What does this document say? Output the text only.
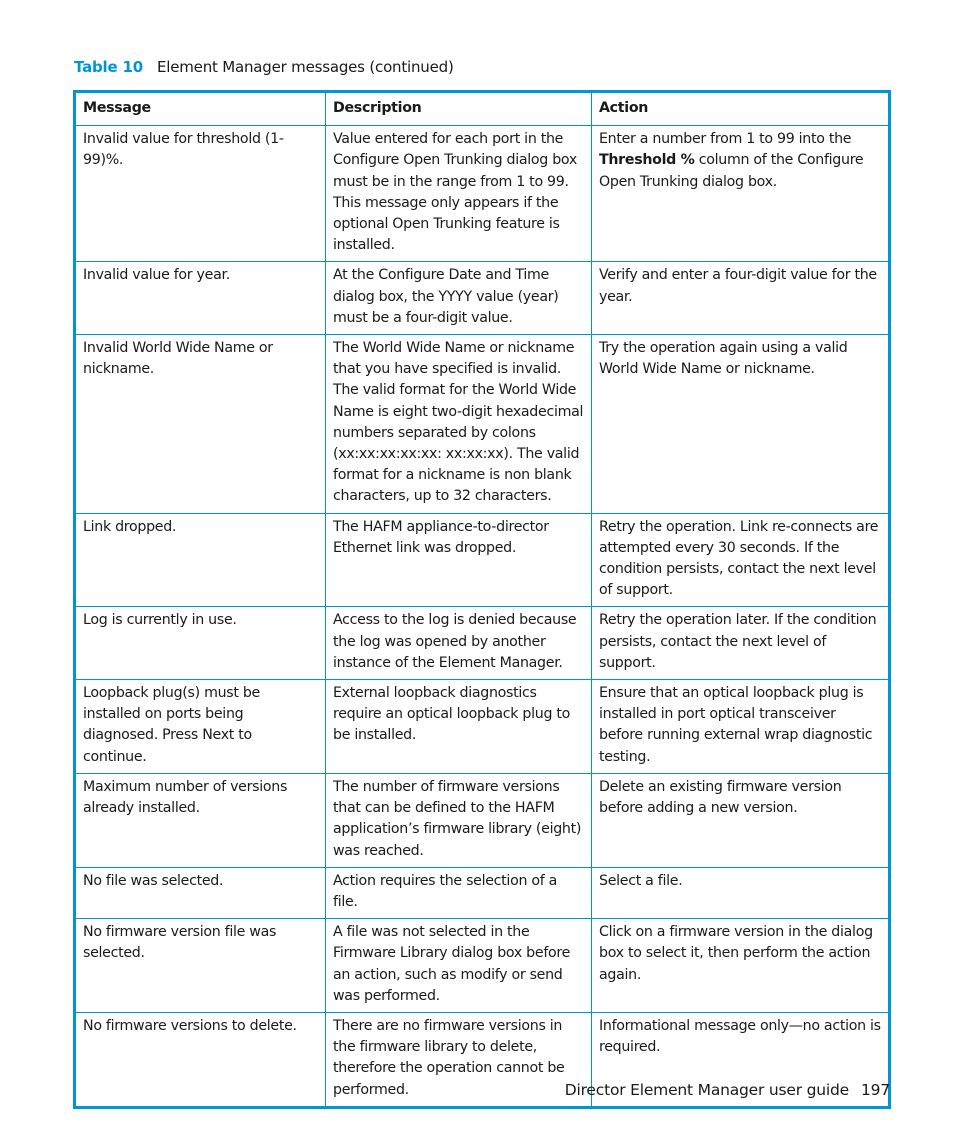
Table 10 Element Manager messages (continued)
Message	Description	Action
Invalid value for threshold (1-99)%.	Value entered for each port in the Configure Open Trunking dialog box must be in the range from 1 to 99. This message only appears if the optional Open Trunking feature is installed.	Enter a number from 1 to 99 into the Threshold % column of the Configure Open Trunking dialog box.
Invalid value for year.	At the Configure Date and Time dialog box, the YYYY value (year) must be a four-digit value.	Verify and enter a four-digit value for the year.
Invalid World Wide Name or nickname.	The World Wide Name or nickname that you have specified is invalid. The valid format for the World Wide Name is eight two-digit hexadecimal numbers separated by colons (xx:xx:xx:xx:xx: xx:xx:xx). The valid format for a nickname is non blank characters, up to 32 characters.	Try the operation again using a valid World Wide Name or nickname.
Link dropped.	The HAFM appliance-to-director Ethernet link was dropped.	Retry the operation. Link re-connects are attempted every 30 seconds. If the condition persists, contact the next level of support.
Log is currently in use.	Access to the log is denied because the log was opened by another instance of the Element Manager.	Retry the operation later. If the condition persists, contact the next level of support.
Loopback plug(s) must be installed on ports being diagnosed. Press Next to continue.	External loopback diagnostics require an optical loopback plug to be installed.	Ensure that an optical loopback plug is installed in port optical transceiver before running external wrap diagnostic testing.
Maximum number of versions already installed.	The number of firmware versions that can be defined to the HAFM application’s firmware library (eight) was reached.	Delete an existing firmware version before adding a new version.
No file was selected.	Action requires the selection of a file.	Select a file.
No firmware version file was selected.	A file was not selected in the Firmware Library dialog box before an action, such as modify or send was performed.	Click on a firmware version in the dialog box to select it, then perform the action again.
No firmware versions to delete.	There are no firmware versions in the firmware library to delete, therefore the operation cannot be performed.	Informational message only—no action is required.
Director Element Manager user guide 197
